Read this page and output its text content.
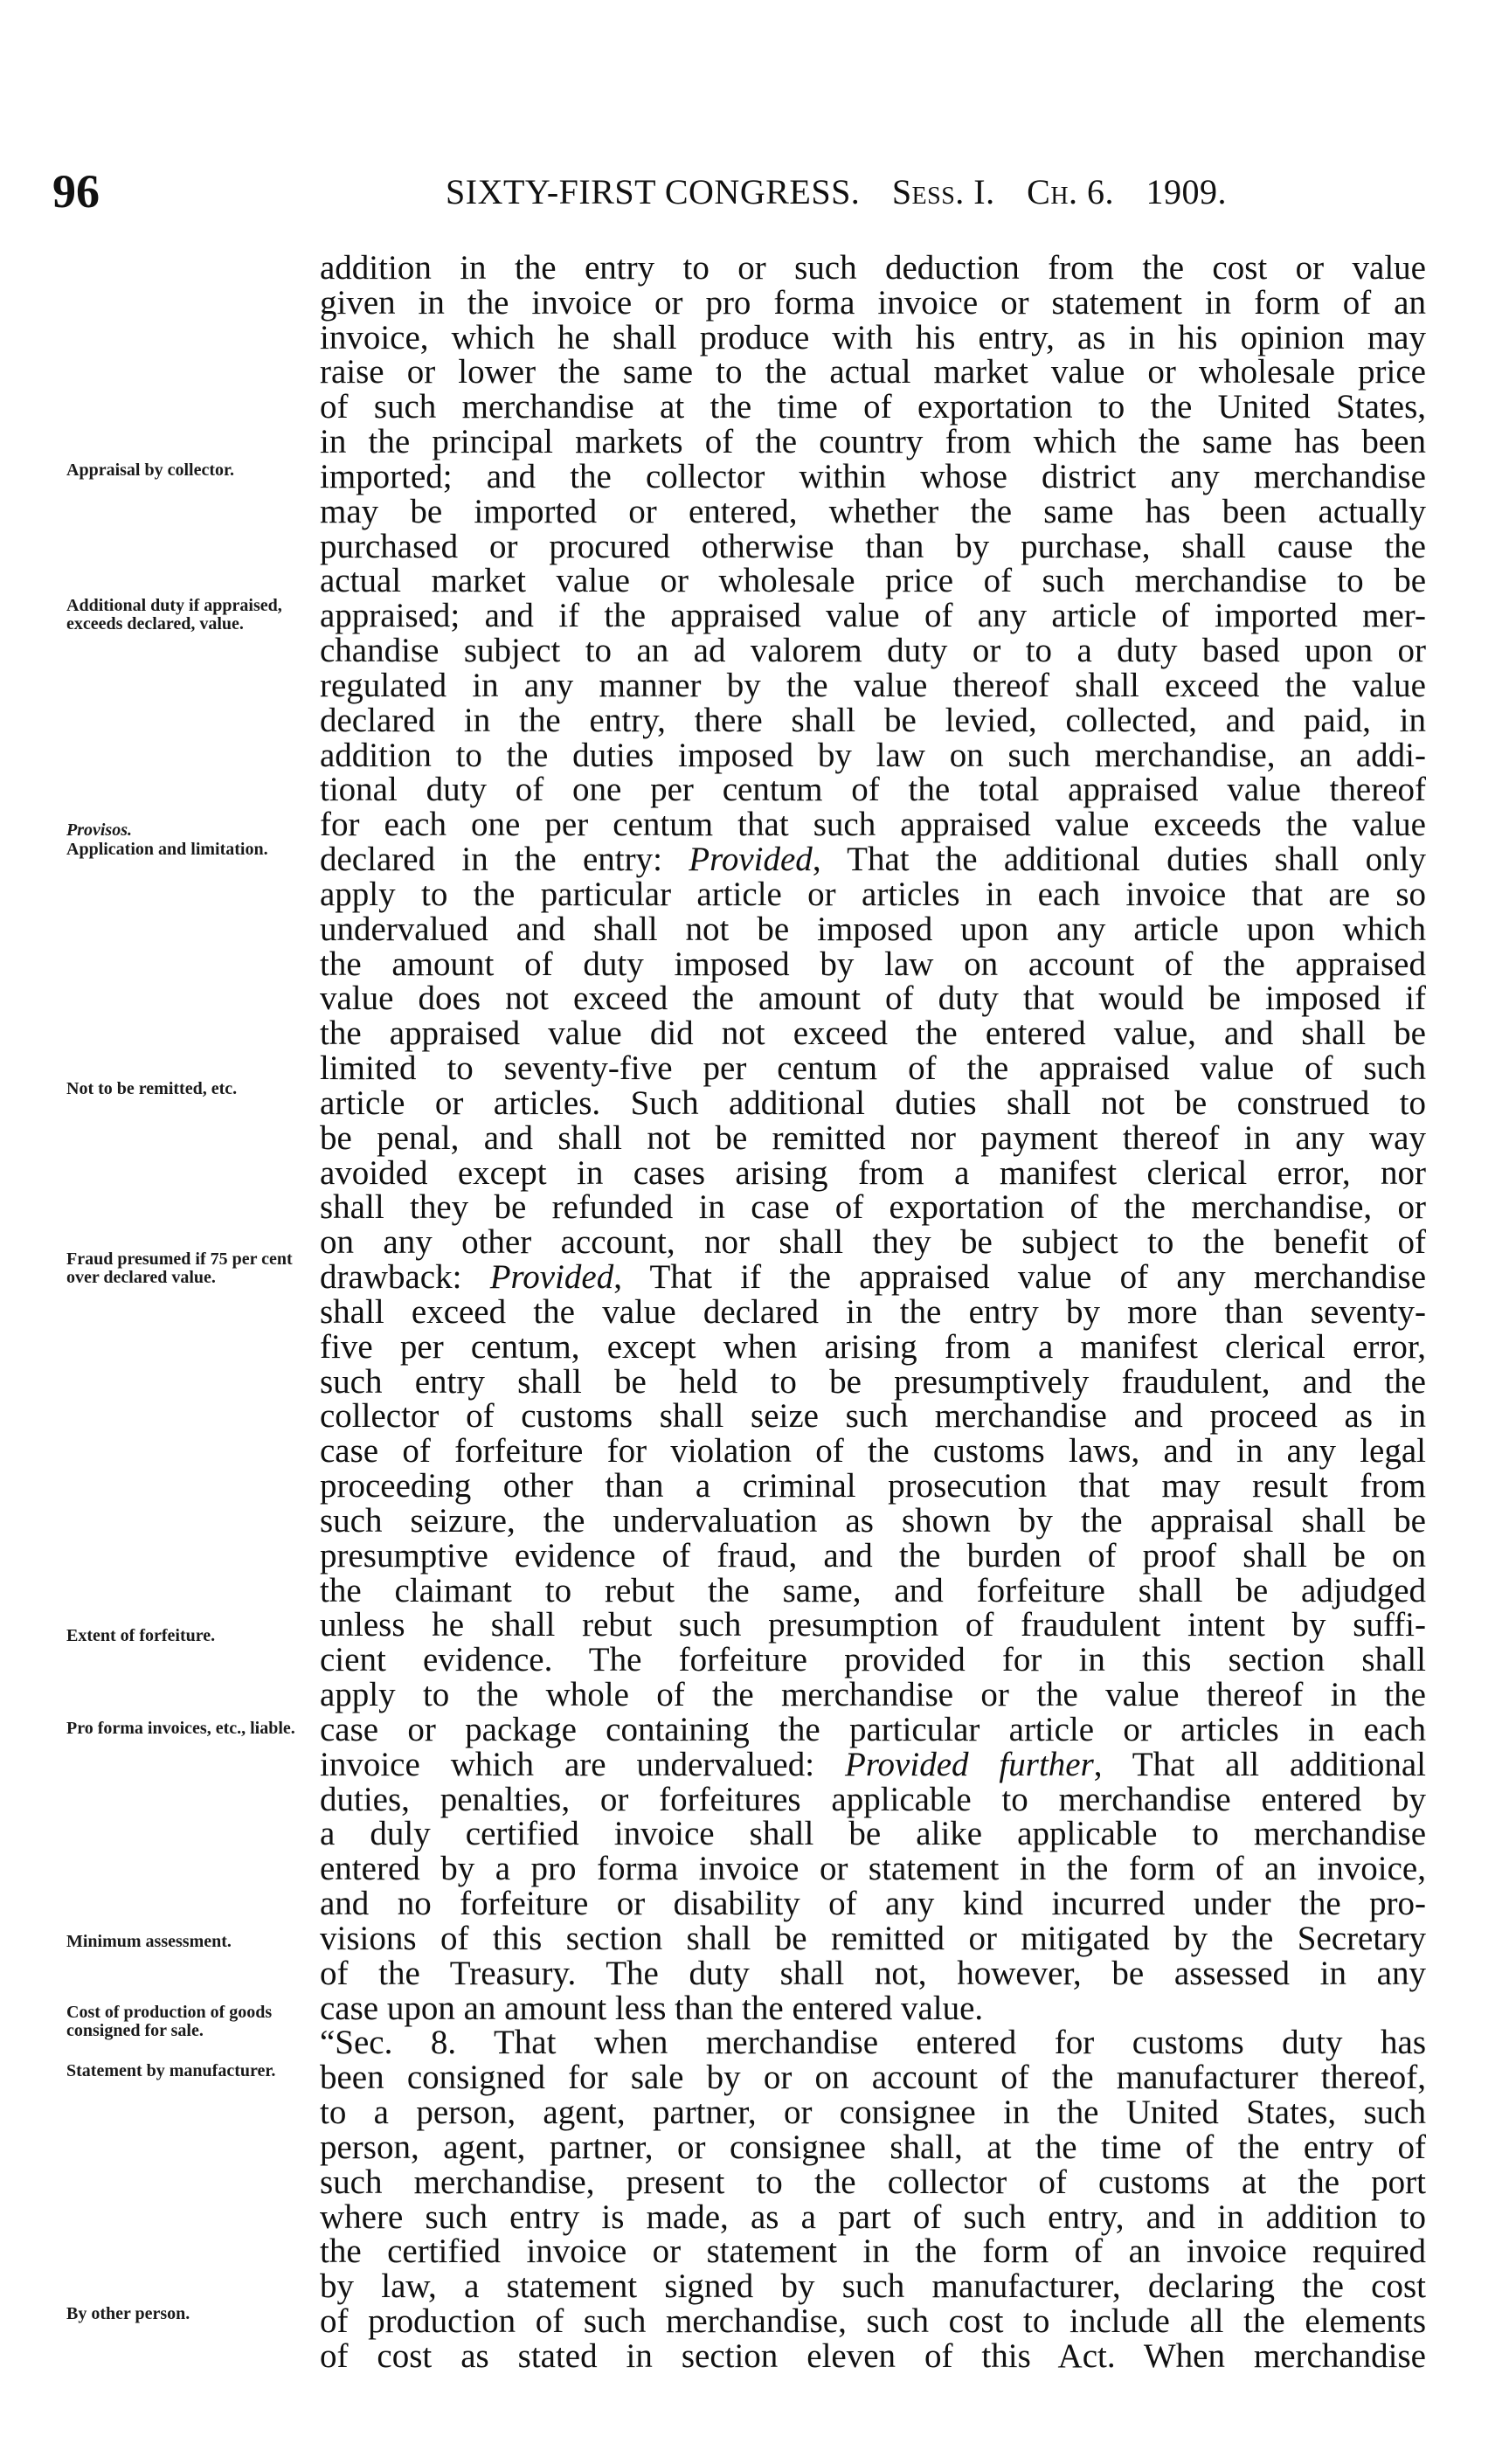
96	SIXTY-FIRST CONGRESS. Sess. I. Ch. 6. 1909.
Appraisal by collector.
Additional duty if appraised, exceeds declared, value.
Provisos.
Application and limitation.
Not to be remitted, etc.
Fraud presumed if 75 per cent over declared value.
Extent of forfeiture.
Pro forma invoices, etc., liable.
Minimum assessment.
Cost of production of goods consigned for sale.
Statement by manufacturer.
By other person.
addition in the entry to or such deduction from the cost or value
given in the invoice or pro forma invoice or statement in form of an
invoice, which he shall produce with his entry, as in his opinion may
raise or lower the same to the actual market value or wholesale price
of such merchandise at the time of exportation to the United States,
in the principal markets of the country from which the same has been
imported; and the collector within whose district any merchandise
may be imported or entered, whether the same has been actually
purchased or procured otherwise than by purchase, shall cause the
actual market value or wholesale price of such merchandise to be
appraised; and if the appraised value of any article of imported mer-
chandise subject to an ad valorem duty or to a duty based upon or
regulated in any manner by the value thereof shall exceed the value
declared in the entry, there shall be levied, collected, and paid, in
addition to the duties imposed by law on such merchandise, an addi-
tional duty of one per centum of the total appraised value thereof
for each one per centum that such appraised value exceeds the value
declared in the entry: Provided, That the additional duties shall only
apply to the particular article or articles in each invoice that are so
undervalued and shall not be imposed upon any article upon which
the amount of duty imposed by law on account of the appraised
value does not exceed the amount of duty that would be imposed if
the appraised value did not exceed the entered value, and shall be
limited to seventy-five per centum of the appraised value of such
article or articles. Such additional duties shall not be construed to
be penal, and shall not be remitted nor payment thereof in any way
avoided except in cases arising from a manifest clerical error, nor
shall they be refunded in case of exportation of the merchandise, or
on any other account, nor shall they be subject to the benefit of
drawback: Provided, That if the appraised value of any merchandise
shall exceed the value declared in the entry by more than seventy-
five per centum, except when arising from a manifest clerical error,
such entry shall be held to be presumptively fraudulent, and the
collector of customs shall seize such merchandise and proceed as in
case of forfeiture for violation of the customs laws, and in any legal
proceeding other than a criminal prosecution that may result from
such seizure, the undervaluation as shown by the appraisal shall be
presumptive evidence of fraud, and the burden of proof shall be on
the claimant to rebut the same, and forfeiture shall be adjudged
unless he shall rebut such presumption of fraudulent intent by suffi-
cient evidence. The forfeiture provided for in this section shall
apply to the whole of the merchandise or the value thereof in the
case or package containing the particular article or articles in each
invoice which are undervalued: Provided further, That all additional
duties, penalties, or forfeitures applicable to merchandise entered by
a duly certified invoice shall be alike applicable to merchandise
entered by a pro forma invoice or statement in the form of an invoice,
and no forfeiture or disability of any kind incurred under the pro-
visions of this section shall be remitted or mitigated by the Secretary
of the Treasury. The duty shall not, however, be assessed in any
case upon an amount less than the entered value.
“Sec. 8. That when merchandise entered for customs duty has
been consigned for sale by or on account of the manufacturer thereof,
to a person, agent, partner, or consignee in the United States, such
person, agent, partner, or consignee shall, at the time of the entry of
such merchandise, present to the collector of customs at the port
where such entry is made, as a part of such entry, and in addition to
the certified invoice or statement in the form of an invoice required
by law, a statement signed by such manufacturer, declaring the cost
of production of such merchandise, such cost to include all the elements
of cost as stated in section eleven of this Act. When merchandise
